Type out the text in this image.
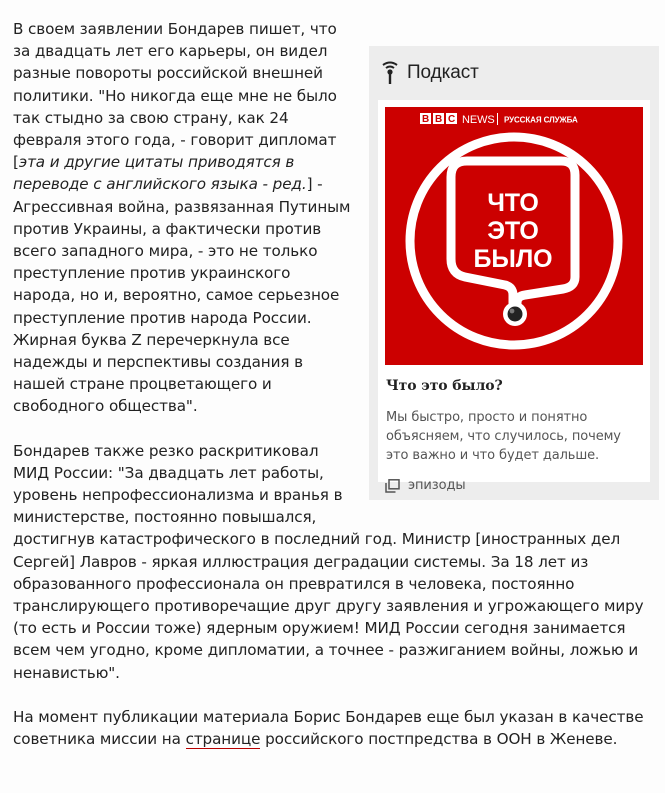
Подкаст
B B C NEWS РУССКАЯ СЛУЖБА
ЧТО
ЭТО
БЫЛО
Что это было?
Мы быстро, просто и понятно объясняем, что случилось, почему это важно и что будет дальше.
эпизоды

В своем заявлении Бондарев пишет, что за двадцать лет его карьеры, он видел разные повороты российской внешней политики. "Но никогда еще мне не было так стыдно за свою страну, как 24 февраля этого года, - говорит дипломат [эта и другие цитаты приводятся в переводе с английского языка - ред.] - Агрессивная война, развязанная Путиным против Украины, а фактически против всего западного мира, - это не только преступление против украинского народа, но и, вероятно, самое серьезное преступление против народа России. Жирная буква Z перечеркнула все надежды и перспективы создания в нашей стране процветающего и свободного общества".

Бондарев также резко раскритиковал МИД России: "За двадцать лет работы, уровень непрофессионализма и вранья в министерстве, постоянно повышался, достигнув катастрофического в последний год. Министр [иностранных дел Сергей] Лавров - яркая иллюстрация деградации системы. За 18 лет из образованного профессионала он превратился в человека, постоянно транслирующего противоречащие друг другу заявления и угрожающего миру (то есть и России тоже) ядерным оружием! МИД России сегодня занимается всем чем угодно, кроме дипломатии, а точнее - разжиганием войны, ложью и ненавистью".

На момент публикации материала Борис Бондарев еще был указан в качестве советника миссии на странице российского постпредства в ООН в Женеве.
